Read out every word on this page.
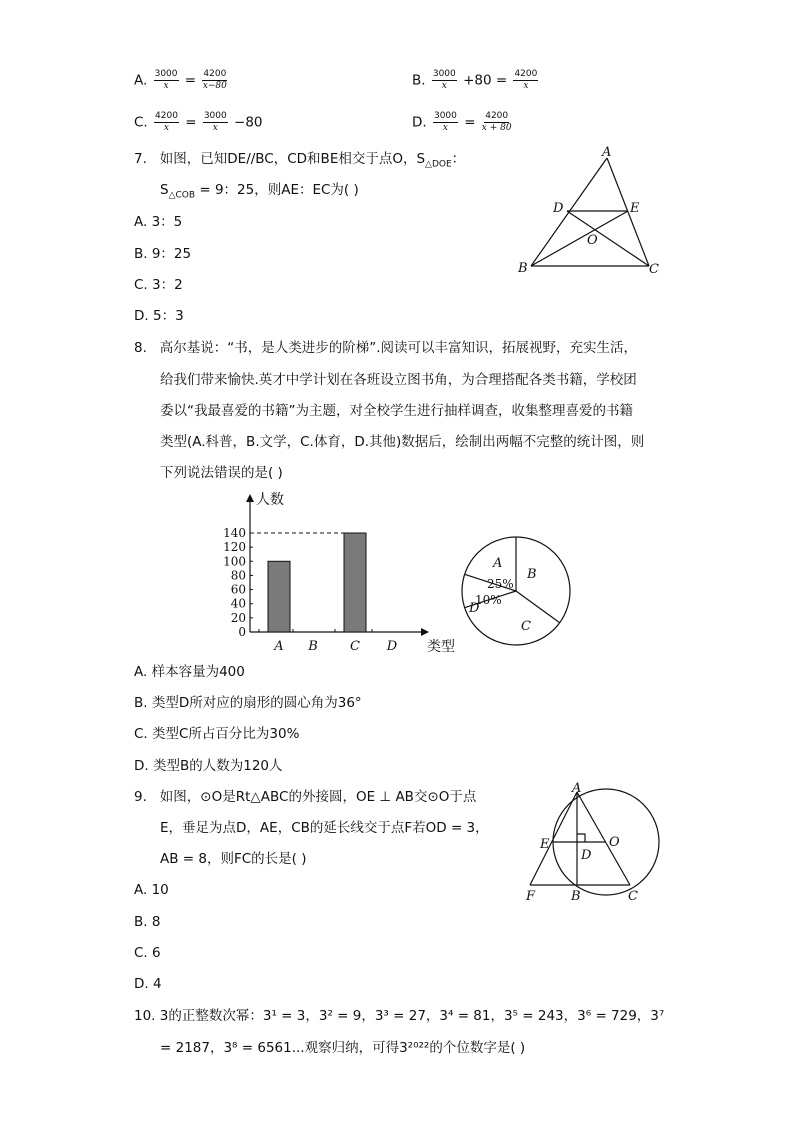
A. $\frac{3000}{x} = \frac{4200}{x-80}$	B. $\frac{3000}{x} +80 = \frac{4200}{x}$
C. $\frac{4200}{x} = \frac{3000}{x} -80$	D. $\frac{3000}{x} = \frac{4200}{x + 80}$
7. 如图，已知DE//BC，CD和BE相交于点O，$S_{\triangle DOE}$：
$S_{\triangle COB} = 9$：25，则AE：EC为( )
A. 3：5
B. 9：25
C. 3：2
D. 5：3
A
D	E
O
B	C
8. 高尔基说：“书，是人类进步的阶梯”.阅读可以丰富知识，拓展视野，充实生活，
给我们带来愉快.英才中学计划在各班设立图书角，为合理搭配各类书籍，学校团
委以“我最喜爱的书籍”为主题，对全校学生进行抽样调查，收集整理喜爱的书籍
类型(A.科普，B.文学，C.体育，D.其他)数据后，绘制出两幅不完整的统计图，则
下列说法错误的是( )
0
20
40
60
80
100
120
140
A B C D
人数
类型
A
25%
B
C
D
10%
A. 样本容量为400
B. 类型D所对应的扇形的圆心角为36°
C. 类型C所占百分比为30%
D. 类型B的人数为120人
9. 如图，⊙O是Rt△ABC的外接圆，OE ⊥ AB交⊙O于点
E，垂足为点D，AE，CB的延长线交于点F若OD = 3，
AB = 8，则FC的长是( )
A. 10
B. 8
C. 6
D. 4
A
E	O
D
F	B	C
10. 3的正整数次幂：3¹ = 3，3² = 9，3³ = 27，3⁴ = 81，3⁵ = 243，3⁶ = 729，3⁷
= 2187，3⁸ = 6561...观察归纳，可得3²⁰²²的个位数字是( )
